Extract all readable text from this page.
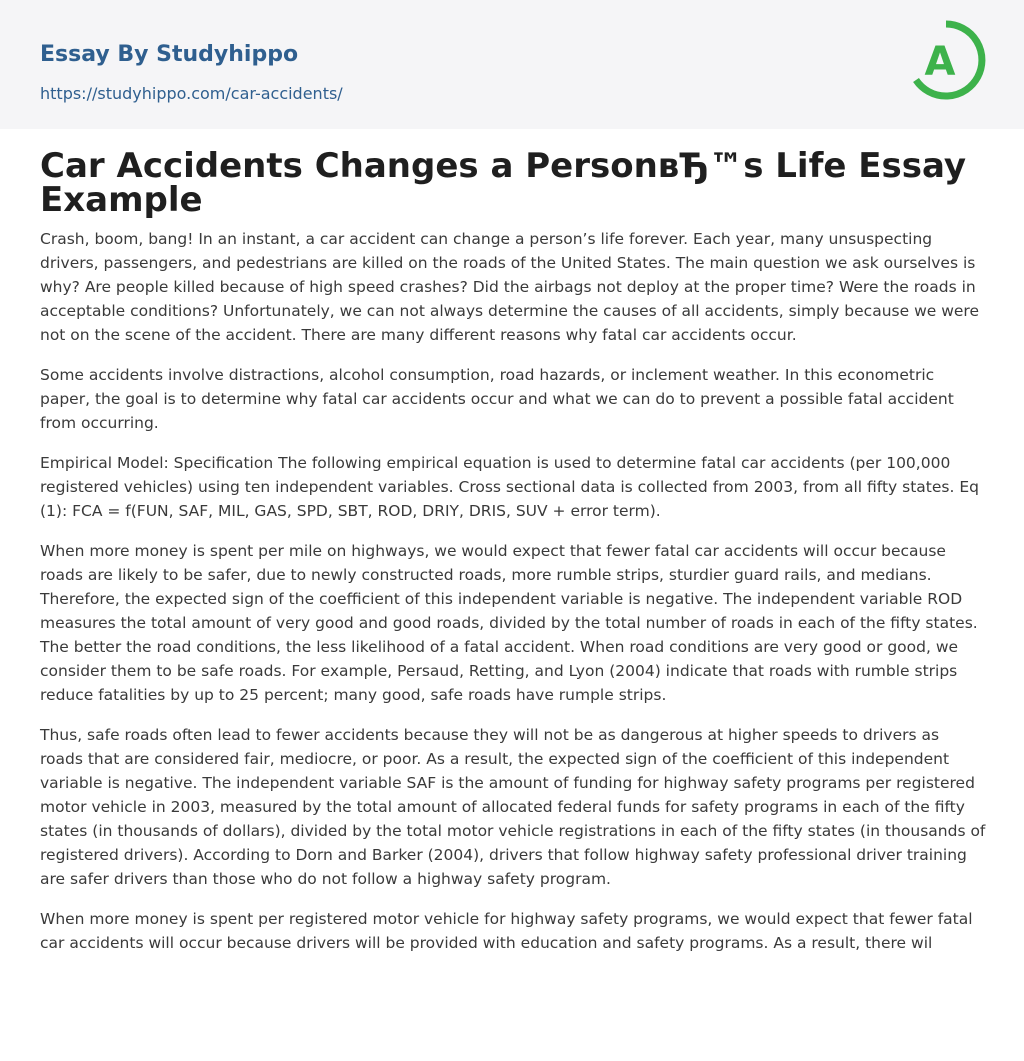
Essay By Studyhippo
https://studyhippo.com/car-accidents/
A
Car Accidents Changes a PersonвЂ™s Life Essay Example

Crash, boom, bang! In an instant, a car accident can change a person’s life forever. Each year, many unsuspecting drivers, passengers, and pedestrians are killed on the roads of the United States. The main question we ask ourselves is why? Are people killed because of high speed crashes? Did the airbags not deploy at the proper time? Were the roads in acceptable conditions? Unfortunately, we can not always determine the causes of all accidents, simply because we were not on the scene of the accident. There are many different reasons why fatal car accidents occur.

Some accidents involve distractions, alcohol consumption, road hazards, or inclement weather. In this econometric paper, the goal is to determine why fatal car accidents occur and what we can do to prevent a possible fatal accident from occurring.

Empirical Model: Specification The following empirical equation is used to determine fatal car accidents (per 100,000 registered vehicles) using ten independent variables. Cross sectional data is collected from 2003, from all fifty states. Eq (1): FCA = f(FUN, SAF, MIL, GAS, SPD, SBT, ROD, DRIY, DRIS, SUV + error term).

When more money is spent per mile on highways, we would expect that fewer fatal car accidents will occur because roads are likely to be safer, due to newly constructed roads, more rumble strips, sturdier guard rails, and medians. Therefore, the expected sign of the coefficient of this independent variable is negative. The independent variable ROD measures the total amount of very good and good roads, divided by the total number of roads in each of the fifty states. The better the road conditions, the less likelihood of a fatal accident. When road conditions are very good or good, we consider them to be safe roads. For example, Persaud, Retting, and Lyon (2004) indicate that roads with rumble strips reduce fatalities by up to 25 percent; many good, safe roads have rumple strips.

Thus, safe roads often lead to fewer accidents because they will not be as dangerous at higher speeds to drivers as roads that are considered fair, mediocre, or poor. As a result, the expected sign of the coefficient of this independent variable is negative. The independent variable SAF is the amount of funding for highway safety programs per registered motor vehicle in 2003, measured by the total amount of allocated federal funds for safety programs in each of the fifty states (in thousands of dollars), divided by the total motor vehicle registrations in each of the fifty states (in thousands of registered drivers). According to Dorn and Barker (2004), drivers that follow highway safety professional driver training are safer drivers than those who do not follow a highway safety program.

When more money is spent per registered motor vehicle for highway safety programs, we would expect that fewer fatal car accidents will occur because drivers will be provided with education and safety programs. As a result, there wil
